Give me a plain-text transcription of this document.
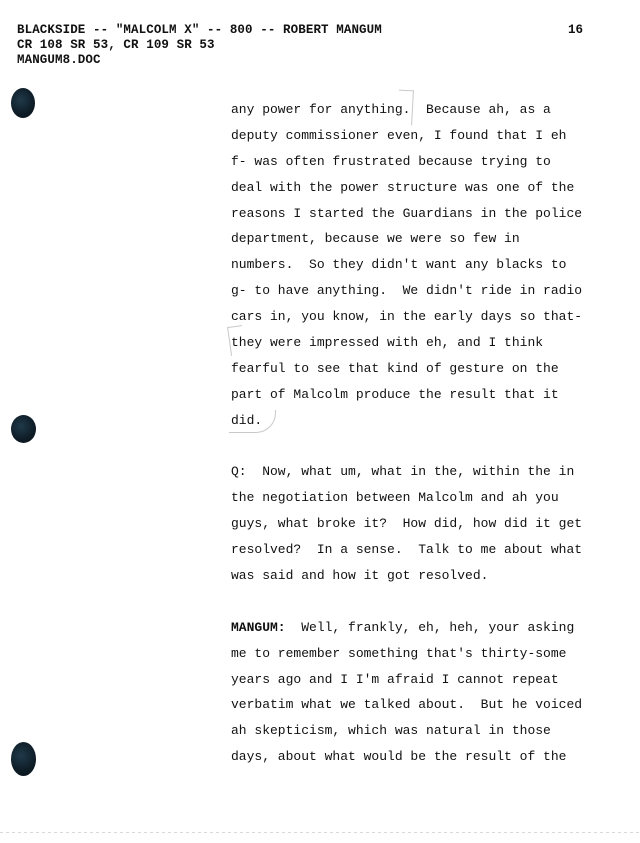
BLACKSIDE -- "MALCOLM X" -- 800 -- ROBERT MANGUM
CR 108 SR 53, CR 109 SR 53
MANGUM8.DOC
16
any power for anything.  Because ah, as a
deputy commissioner even, I found that I eh
f- was often frustrated because trying to
deal with the power structure was one of the
reasons I started the Guardians in the police
department, because we were so few in
numbers.  So they didn't want any blacks to
g- to have anything.  We didn't ride in radio
cars in, you know, in the early days so that-
they were impressed with eh, and I think
fearful to see that kind of gesture on the
part of Malcolm produce the result that it
did.
Q:  Now, what um, what in the, within the in
the negotiation between Malcolm and ah you
guys, what broke it?  How did, how did it get
resolved?  In a sense.  Talk to me about what
was said and how it got resolved.
MANGUM:  Well, frankly, eh, heh, your asking
me to remember something that's thirty-some
years ago and I I'm afraid I cannot repeat
verbatim what we talked about.  But he voiced
ah skepticism, which was natural in those
days, about what would be the result of the
